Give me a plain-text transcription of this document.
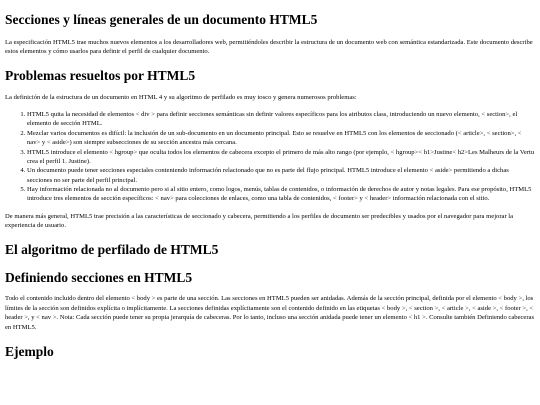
Secciones y líneas generales de un documento HTML5

La especificación HTML5 trae muchos nuevos elementos a los desarrolladores web, permitiéndoles describir la estructura de un documento web con semántica estandarizada. Este documento describe estos elementos y cómo usarlos para definir el perfil de cualquier documento.

Problemas resueltos por HTML5

La definición de la estructura de un documento en HTML 4 y su algoritmo de perfilado es muy tosco y genera numerosos problemas:

1. HTML5 quita la necesidad de elementos < div > para definir secciones semánticas sin definir valores específicos para los atributos class, introduciendo un nuevo elemento, < section>, el elemento de sección HTML.
2. Mezclar varios documentos es difícil: la inclusión de un sub-documento en un documento principal. Esto se resuelve en HTML5 con los elementos de seccionado (< article>, < section>, < nav> y < aside>) son siempre subsecciones de su sección ancestra más cercana.
3. HTML5 introduce el elemento < hgroup> que oculta todos los elementos de cabecera excepto el primero de más alto rango (por ejemplo, < hgroup>< h1>Justine< h2>Les Malheurs de la Vertu crea el perfil 1. Justine).
4. Un documento puede tener secciones especiales conteniendo información relacionado que no es parte del flujo principal. HTML5 introduce el elemento < aside> permitiendo a dichas secciones no ser parte del perfil principal.
5. Hay información relacionada no al documento pero si al sitio entero, como logos, menús, tablas de contenidos, o información de derechos de autor y notas legales. Para ese propósito, HTML5 introduce tres elementos de sección específicos: < nav> para colecciones de enlaces, como una tabla de contenidos, < footer> y < header> información relacionada con el sitio.

De manera más general, HTML5 trae precisión a las características de seccionado y cabecera, permitiendo a los perfiles de documento ser predecibles y usados por el navegador para mejorar la experiencia de usuario.

El algoritmo de perfilado de HTML5
Definiendo secciones en HTML5

Todo el contenido incluido dentro del elemento < body > es parte de una sección. Las secciones en HTML5 pueden ser anidadas. Además de la sección principal, definida por el elemento < body >, los límites de la sección son definidos explícita o implícitamente. La secciones definidas explícitamente son el contenido definido en las etiquetas < body >, < section >, < article >, < aside >, < footer >, < header >, y < nav >. Nota: Cada sección puede tener su propia jerarquía de cabeceras. Por lo tanto, incluso una sección anidada puede tener un elemento < h1 >. Consulte también Definiendo cabeceras en HTML5.

Ejemplo
